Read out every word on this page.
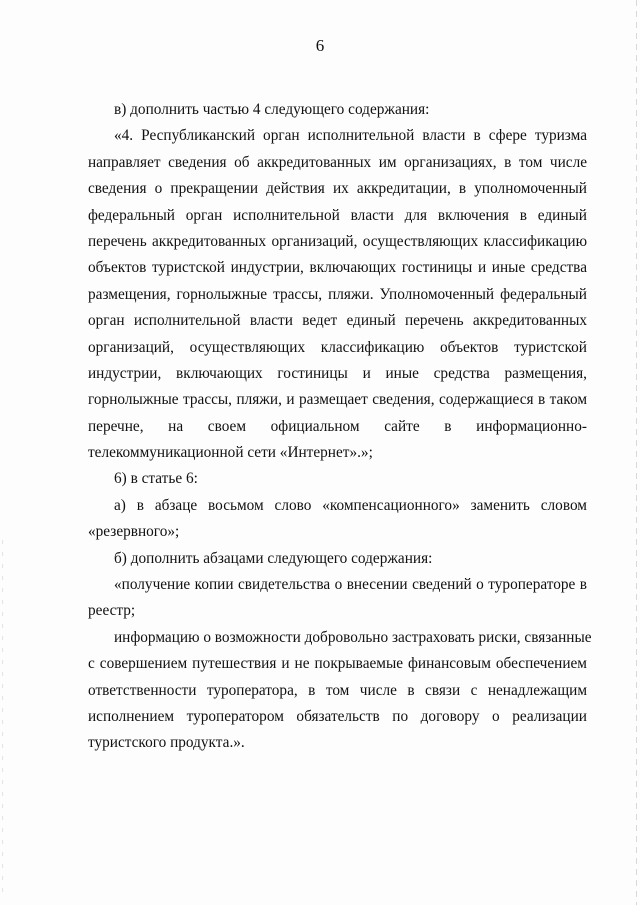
6
в) дополнить частью 4 следующего содержания:
«4. Республиканский орган исполнительной власти в сфере туризма
направляет сведения об аккредитованных им организациях, в том числе
сведения о прекращении действия их аккредитации, в уполномоченный
федеральный орган исполнительной власти для включения в единый
перечень аккредитованных организаций, осуществляющих классификацию
объектов туристской индустрии, включающих гостиницы и иные средства
размещения, горнолыжные трассы, пляжи. Уполномоченный федеральный
орган исполнительной власти ведет единый перечень аккредитованных
организаций, осуществляющих классификацию объектов туристской
индустрии, включающих гостиницы и иные средства размещения,
горнолыжные трассы, пляжи, и размещает сведения, содержащиеся в таком
перечне, на своем официальном сайте в информационно-
телекоммуникационной сети «Интернет».»;
6) в статье 6:
а) в абзаце восьмом слово «компенсационного» заменить словом
«резервного»;
б) дополнить абзацами следующего содержания:
«получение копии свидетельства о внесении сведений о туроператоре в
реестр;
информацию о возможности добровольно застраховать риски, связанные
с совершением путешествия и не покрываемые финансовым обеспечением
ответственности туроператора, в том числе в связи с ненадлежащим
исполнением туроператором обязательств по договору о реализации
туристского продукта.».
